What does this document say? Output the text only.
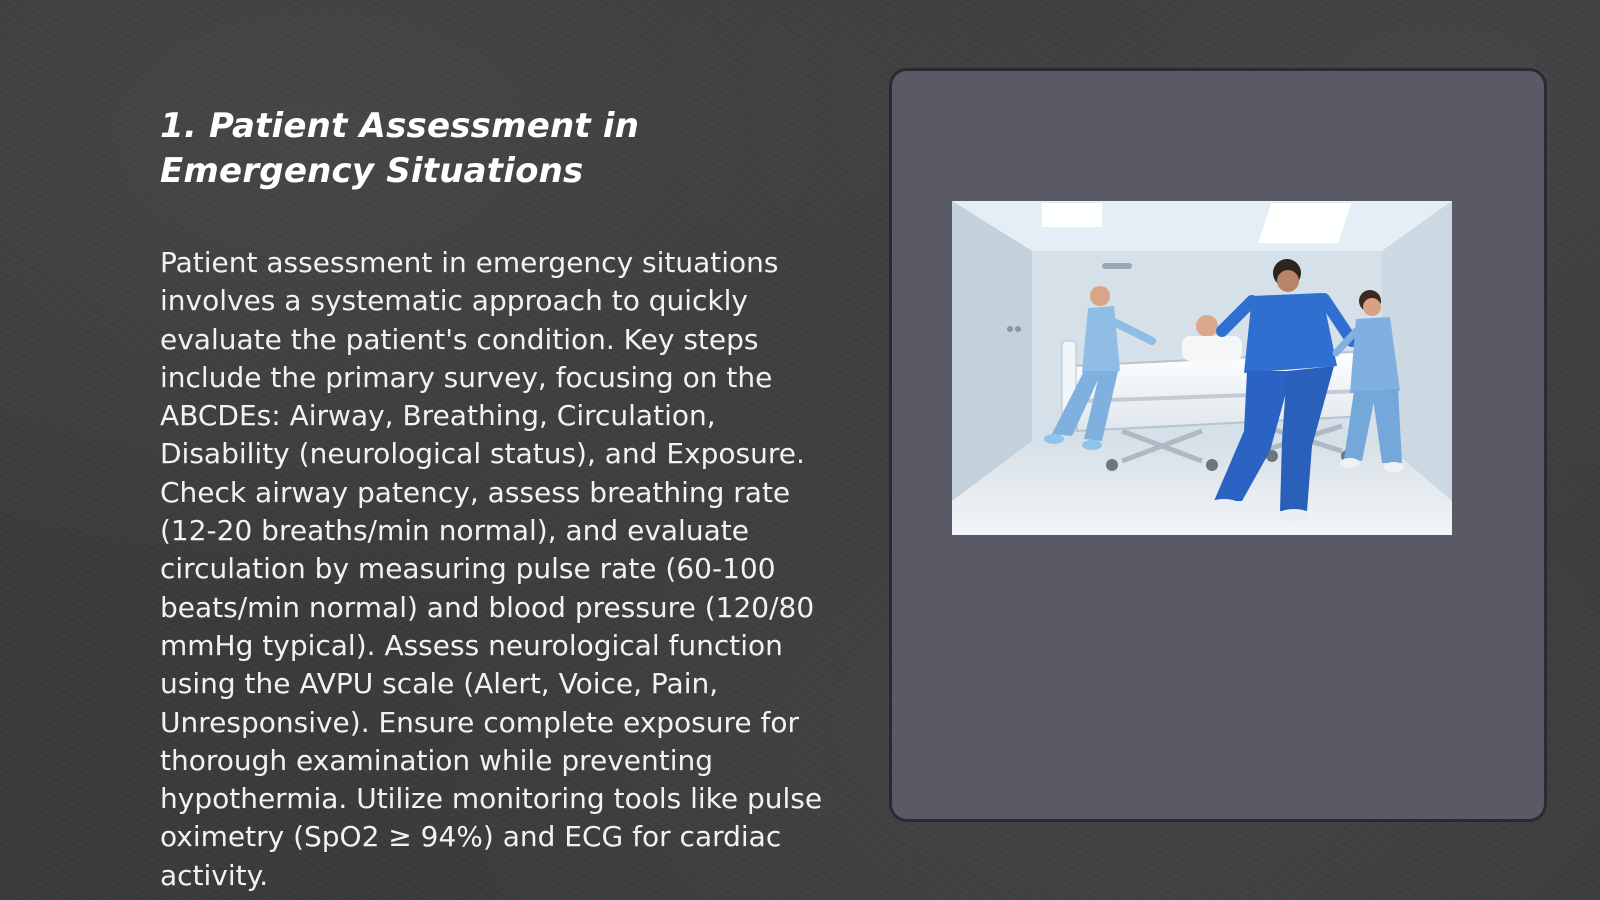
1. Patient Assessment in Emergency Situations

Patient assessment in emergency situations involves a systematic approach to quickly evaluate the patient's condition. Key steps include the primary survey, focusing on the ABCDEs: Airway, Breathing, Circulation, Disability (neurological status), and Exposure. Check airway patency, assess breathing rate (12-20 breaths/min normal), and evaluate circulation by measuring pulse rate (60-100 beats/min normal) and blood pressure (120/80 mmHg typical). Assess neurological function using the AVPU scale (Alert, Voice, Pain, Unresponsive). Ensure complete exposure for thorough examination while preventing hypothermia. Utilize monitoring tools like pulse oximetry (SpO2 ≥ 94%) and ECG for cardiac activity.
